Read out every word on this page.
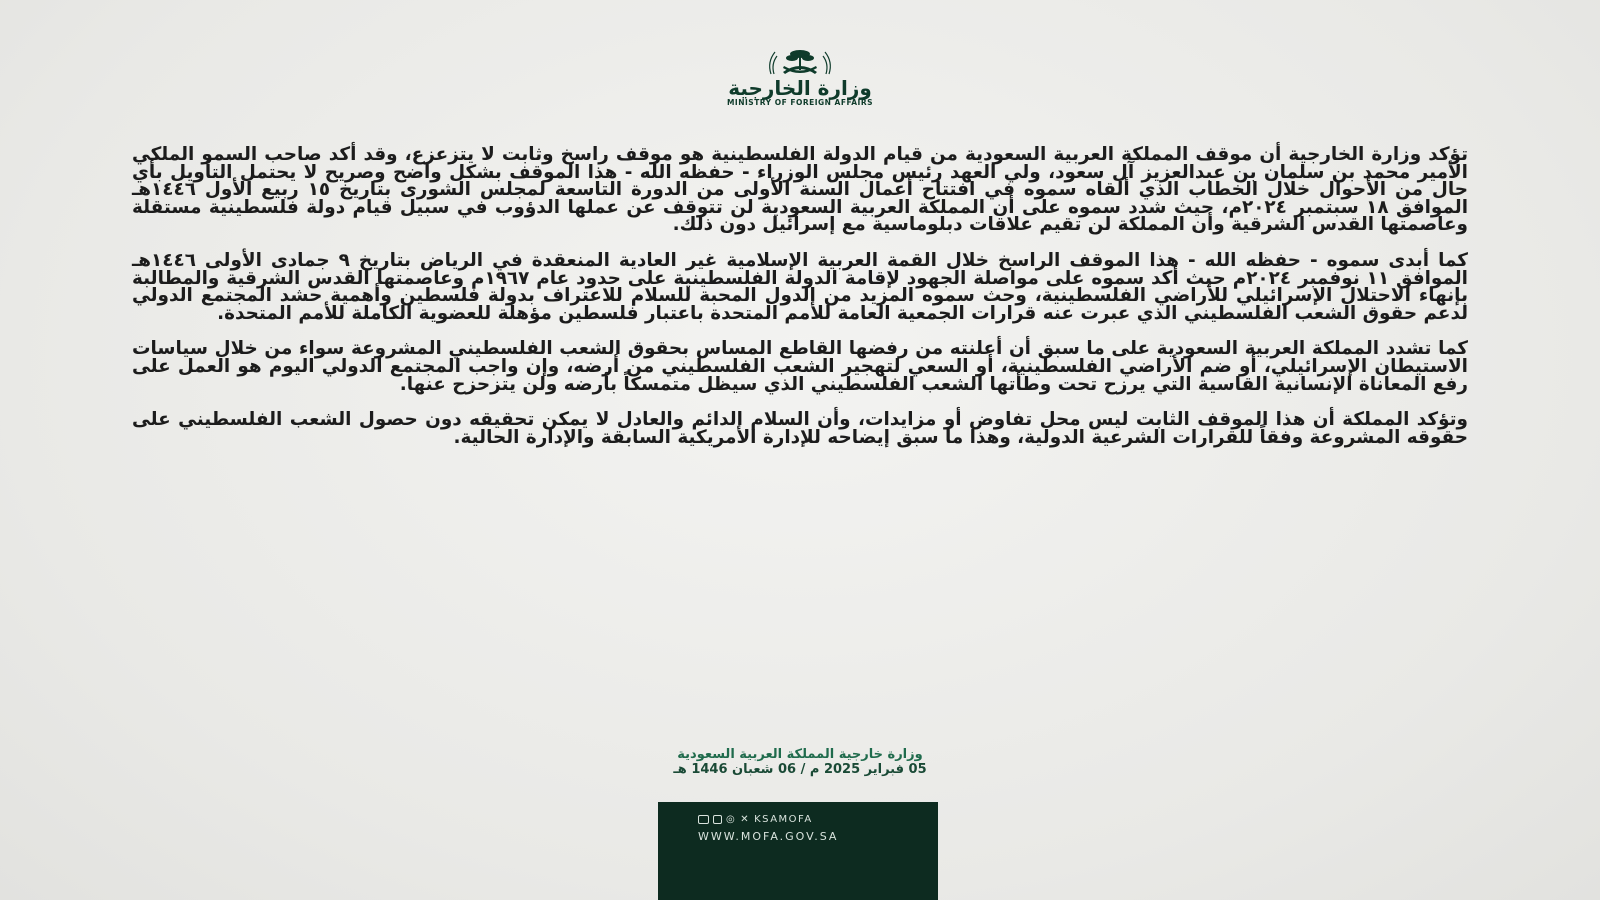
وزارة الخارجية
MINISTRY OF FOREIGN AFFAIRS

تؤكد وزارة الخارجية أن موقف المملكة العربية السعودية من قيام الدولة الفلسطينية هو موقف راسخ وثابت لا يتزعزع، وقد أكد صاحب السمو الملكي الأمير محمد بن سلمان بن عبدالعزيز آل سعود، ولي العهد رئيس مجلس الوزراء - حفظه الله - هذا الموقف بشكل واضح وصريح لا يحتمل التأويل بأي حال من الأحوال خلال الخطاب الذي ألقاه سموه في افتتاح أعمال السنة الأولى من الدورة التاسعة لمجلس الشورى بتاريخ ١٥ ربيع الأول ١٤٤٦هـ الموافق ١٨ سبتمبر ٢٠٢٤م، حيث شدد سموه على أن المملكة العربية السعودية لن تتوقف عن عملها الدؤوب في سبيل قيام دولة فلسطينية مستقلة وعاصمتها القدس الشرقية وأن المملكة لن تقيم علاقات دبلوماسية مع إسرائيل دون ذلك.

كما أبدى سموه - حفظه الله - هذا الموقف الراسخ خلال القمة العربية الإسلامية غير العادية المنعقدة في الرياض بتاريخ ٩ جمادى الأولى ١٤٤٦هـ الموافق ١١ نوفمبر ٢٠٢٤م حيث أكد سموه على مواصلة الجهود لإقامة الدولة الفلسطينية على حدود عام ١٩٦٧م وعاصمتها القدس الشرقية والمطالبة بإنهاء الاحتلال الإسرائيلي للأراضي الفلسطينية، وحث سموه المزيد من الدول المحبة للسلام للاعتراف بدولة فلسطين وأهمية حشد المجتمع الدولي لدعم حقوق الشعب الفلسطيني الذي عبرت عنه قرارات الجمعية العامة للأمم المتحدة باعتبار فلسطين مؤهلة للعضوية الكاملة للأمم المتحدة.

كما تشدد المملكة العربية السعودية على ما سبق أن أعلنته من رفضها القاطع المساس بحقوق الشعب الفلسطيني المشروعة سواء من خلال سياسات الاستيطان الإسرائيلي، أو ضم الأراضي الفلسطينية، أو السعي لتهجير الشعب الفلسطيني من أرضه، وإن واجب المجتمع الدولي اليوم هو العمل على رفع المعاناة الإنسانية القاسية التي يرزح تحت وطأتها الشعب الفلسطيني الذي سيظل متمسكاً بأرضه ولن يتزحزح عنها.

وتؤكد المملكة أن هذا الموقف الثابت ليس محل تفاوض أو مزايدات، وأن السلام الدائم والعادل لا يمكن تحقيقه دون حصول الشعب الفلسطيني على حقوقه المشروعة وفقاً للقرارات الشرعية الدولية، وهذا ما سبق إيضاحه للإدارة الأمريكية السابقة والإدارة الحالية.

وزارة خارجية المملكة العربية السعودية
05 فبراير 2025 م / 06 شعبان 1446 هـ
◎ ✕ KSAMOFA
WWW.MOFA.GOV.SA
